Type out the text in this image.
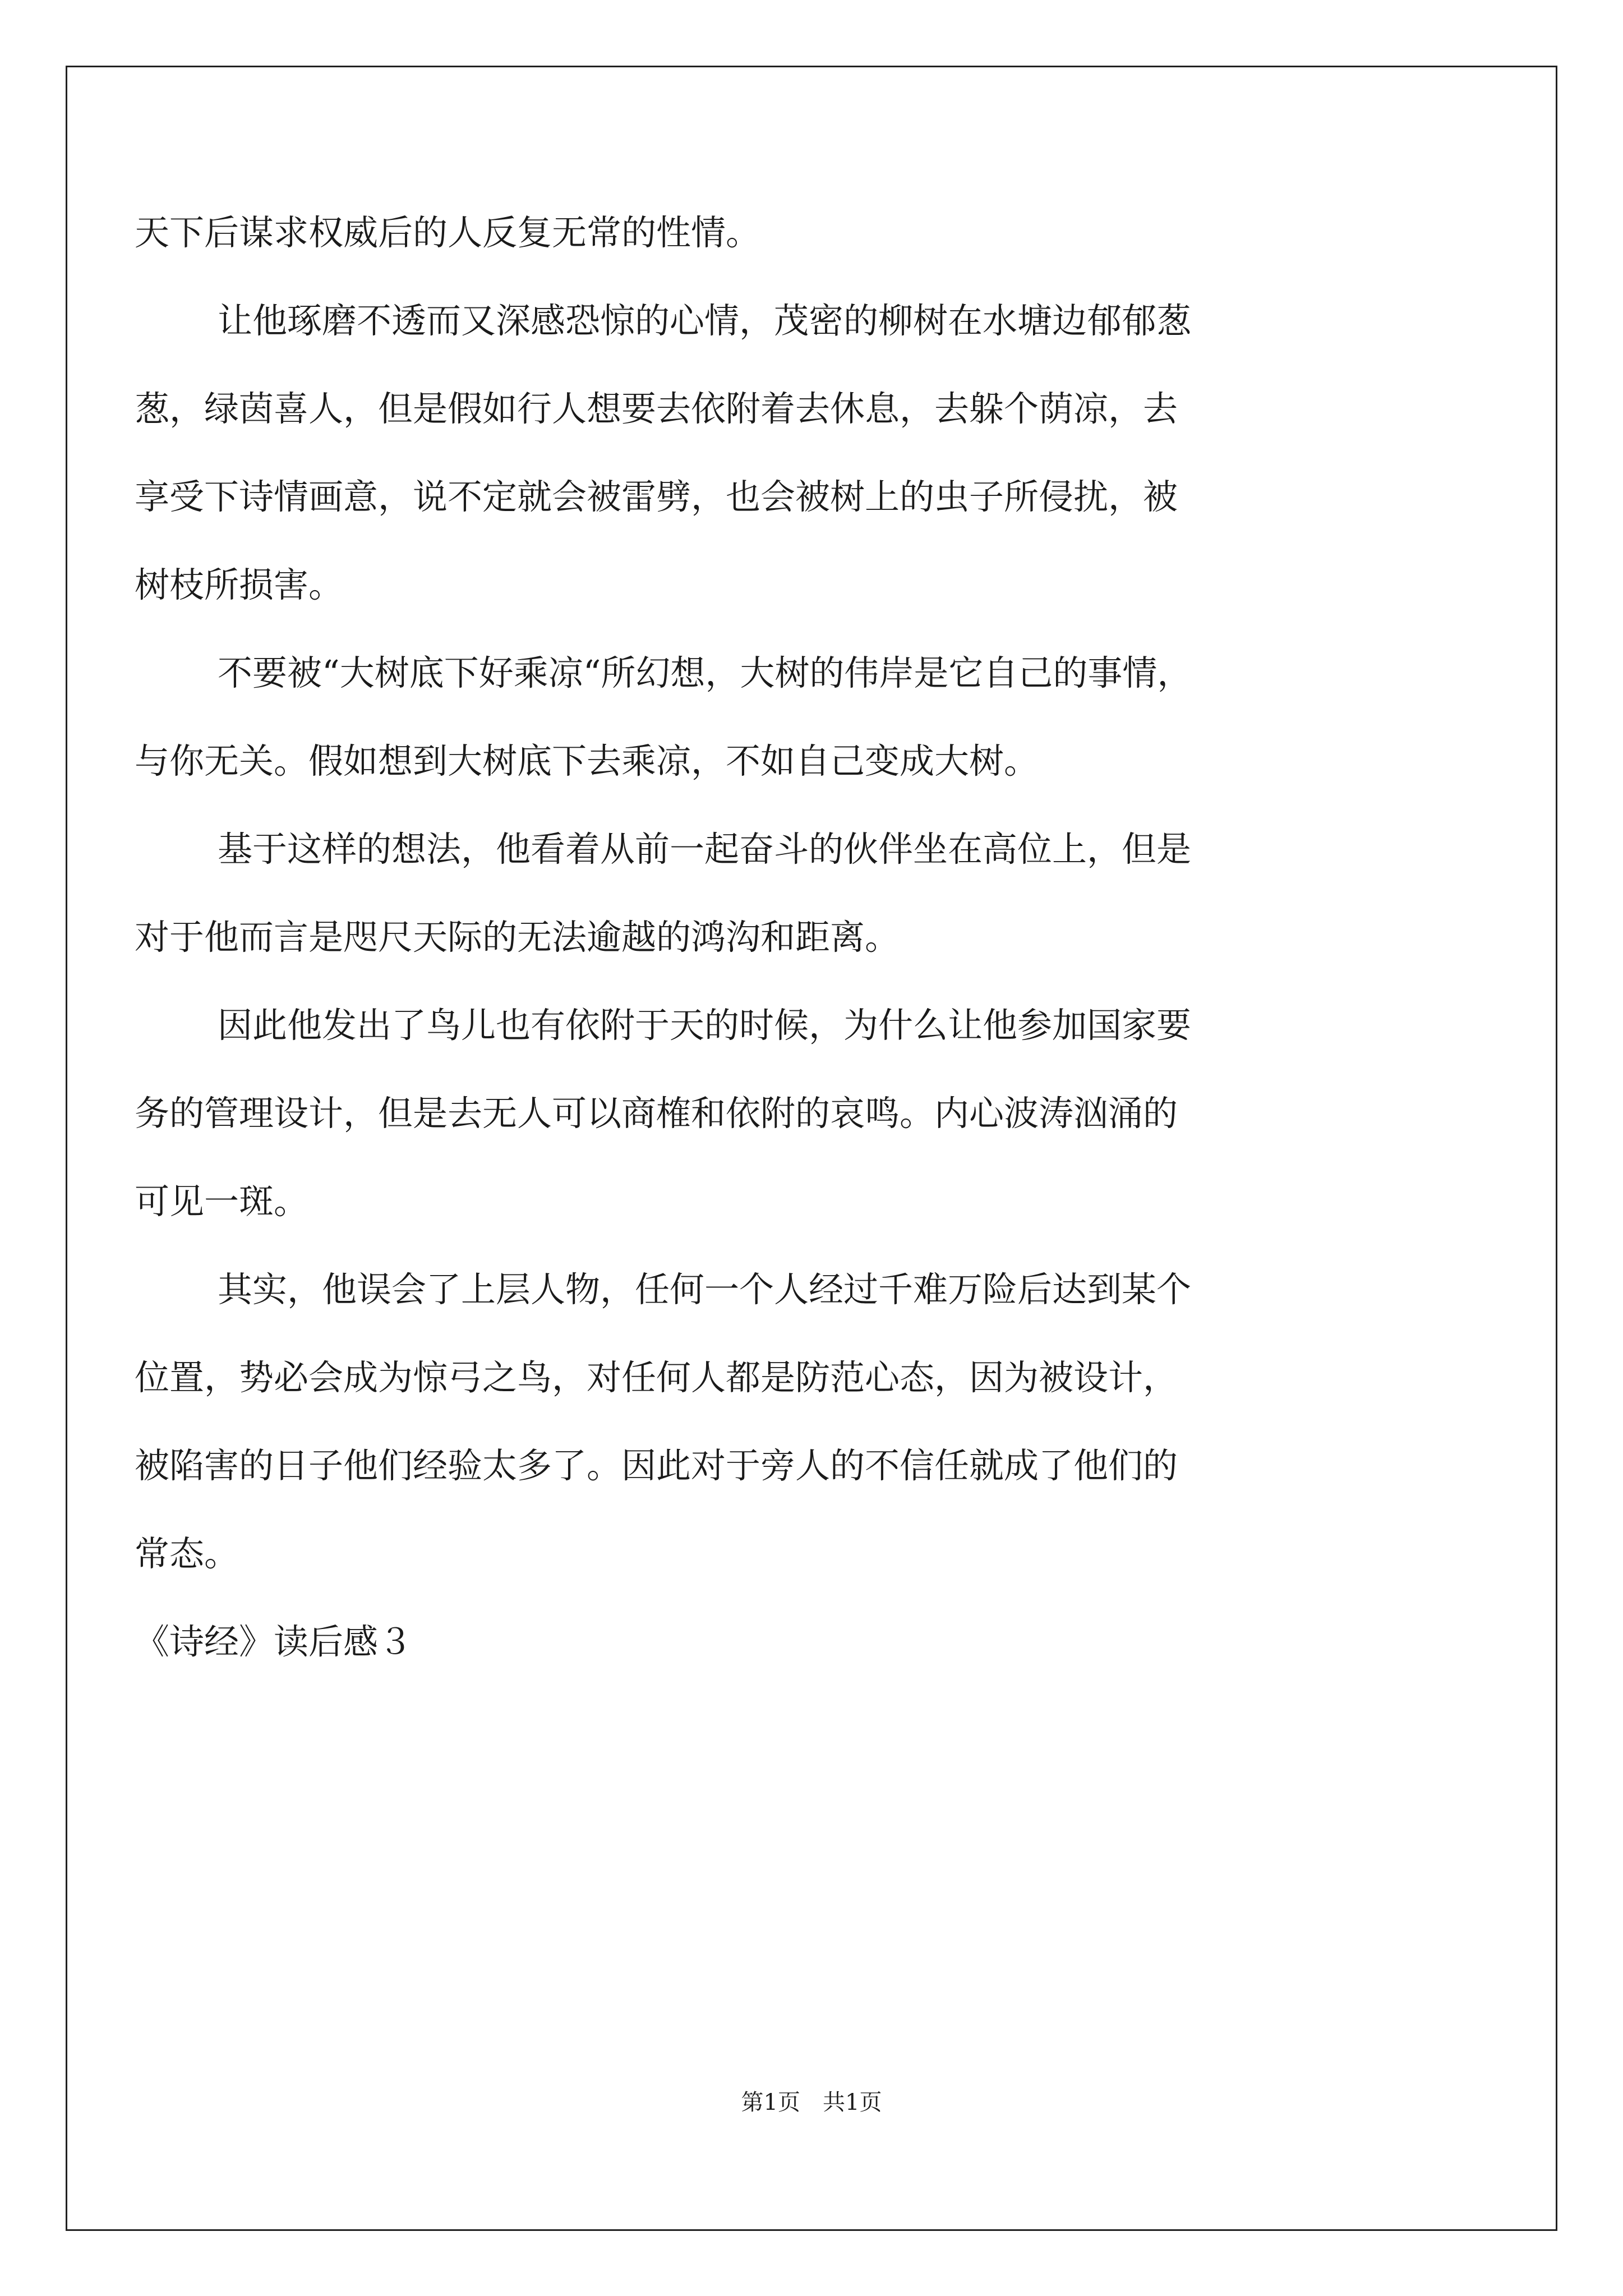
天下后谋求权威后的人反复无常的性情。
让他琢磨不透而又深感恐惊的心情，茂密的柳树在水塘边郁郁葱
葱，绿茵喜人，但是假如行人想要去依附着去休息，去躲个荫凉，去
享受下诗情画意，说不定就会被雷劈，也会被树上的虫子所侵扰，被
树枝所损害。
不要被“大树底下好乘凉“所幻想，大树的伟岸是它自己的事情，
与你无关。假如想到大树底下去乘凉，不如自己变成大树。
基于这样的想法，他看着从前一起奋斗的伙伴坐在高位上，但是
对于他而言是咫尺天际的无法逾越的鸿沟和距离。
因此他发出了鸟儿也有依附于天的时候，为什么让他参加国家要
务的管理设计，但是去无人可以商榷和依附的哀鸣。内心波涛汹涌的
可见一斑。
其实，他误会了上层人物，任何一个人经过千难万险后达到某个
位置，势必会成为惊弓之鸟，对任何人都是防范心态，因为被设计，
被陷害的日子他们经验太多了。因此对于旁人的不信任就成了他们的
常态。
《诗经》读后感３
第1页　共1页
